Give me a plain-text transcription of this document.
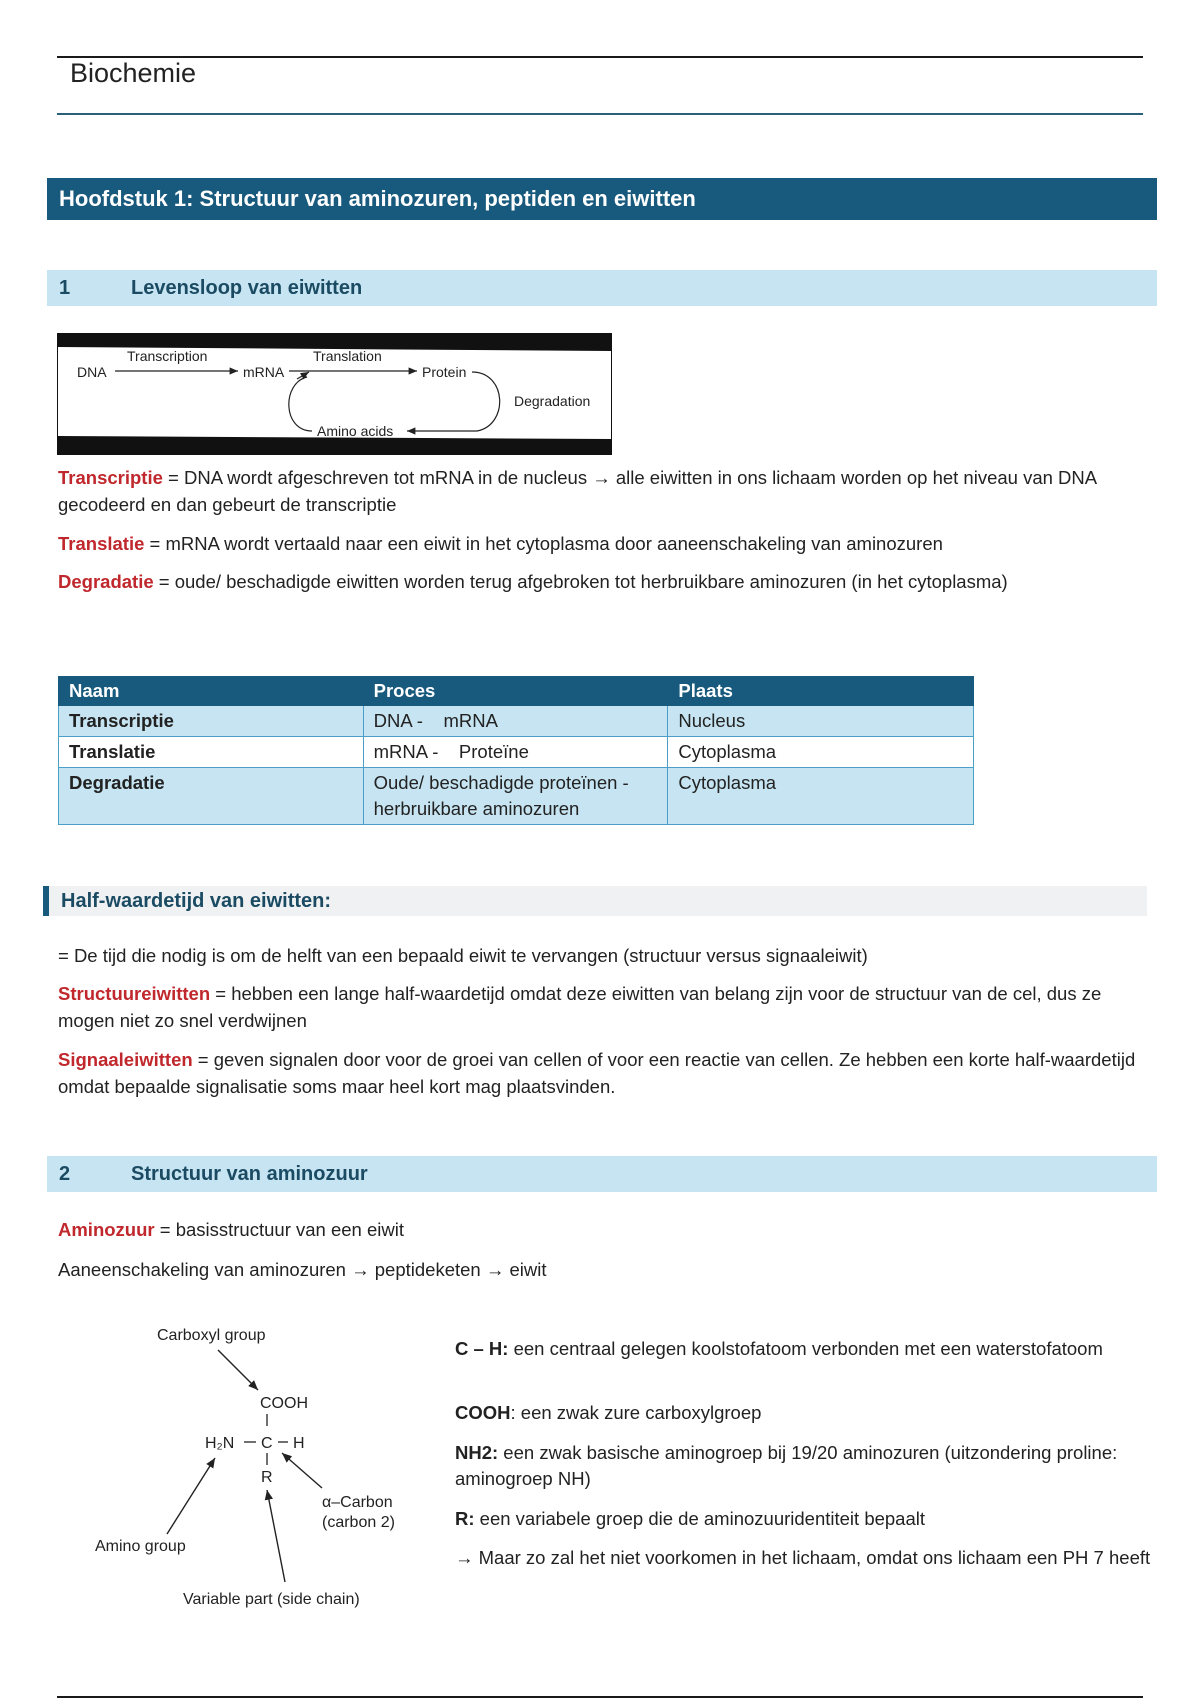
Biochemie
Hoofdstuk 1: Structuur van aminozuren, peptiden en eiwitten
1	Levensloop van eiwitten
DNA
Transcription
mRNA
Translation
Protein
Degradation
Amino acids
Transcriptie = DNA wordt afgeschreven tot mRNA in de nucleus → alle eiwitten in ons lichaam worden op het niveau van DNA gecodeerd en dan gebeurt de transcriptie
Translatie = mRNA wordt vertaald naar een eiwit in het cytoplasma door aaneenschakeling van aminozuren
Degradatie = oude/ beschadigde eiwitten worden terug afgebroken tot herbruikbare aminozuren (in het cytoplasma)
Naam	Proces	Plaats
Transcriptie	DNA -    mRNA	Nucleus
Translatie	mRNA -    Proteïne	Cytoplasma
Degradatie	Oude/ beschadigde proteïnen -    herbruikbare aminozuren	Cytoplasma
Half-waardetijd van eiwitten:
= De tijd die nodig is om de helft van een bepaald eiwit te vervangen (structuur versus signaaleiwit)
Structuureiwitten = hebben een lange half-waardetijd omdat deze eiwitten van belang zijn voor de structuur van de cel, dus ze mogen niet zo snel verdwijnen
Signaaleiwitten = geven signalen door voor de groei van cellen of voor een reactie van cellen. Ze hebben een korte half-waardetijd omdat bepaalde signalisatie soms maar heel kort mag plaatsvinden.
2	Structuur van aminozuur
Aminozuur = basisstructuur van een eiwit
Aaneenschakeling van aminozuren → peptideketen → eiwit
Carboxyl group
COOH
H₂N C H
R
α–Carbon
(carbon 2)
Amino group
Variable part (side chain)
C – H: een centraal gelegen koolstofatoom verbonden met een waterstofatoom
COOH: een zwak zure carboxylgroep
NH2: een zwak basische aminogroep bij 19/20 aminozuren (uitzondering proline: aminogroep NH)
R: een variabele groep die de aminozuuridentiteit bepaalt
→ Maar zo zal het niet voorkomen in het lichaam, omdat ons lichaam een PH 7 heeft
